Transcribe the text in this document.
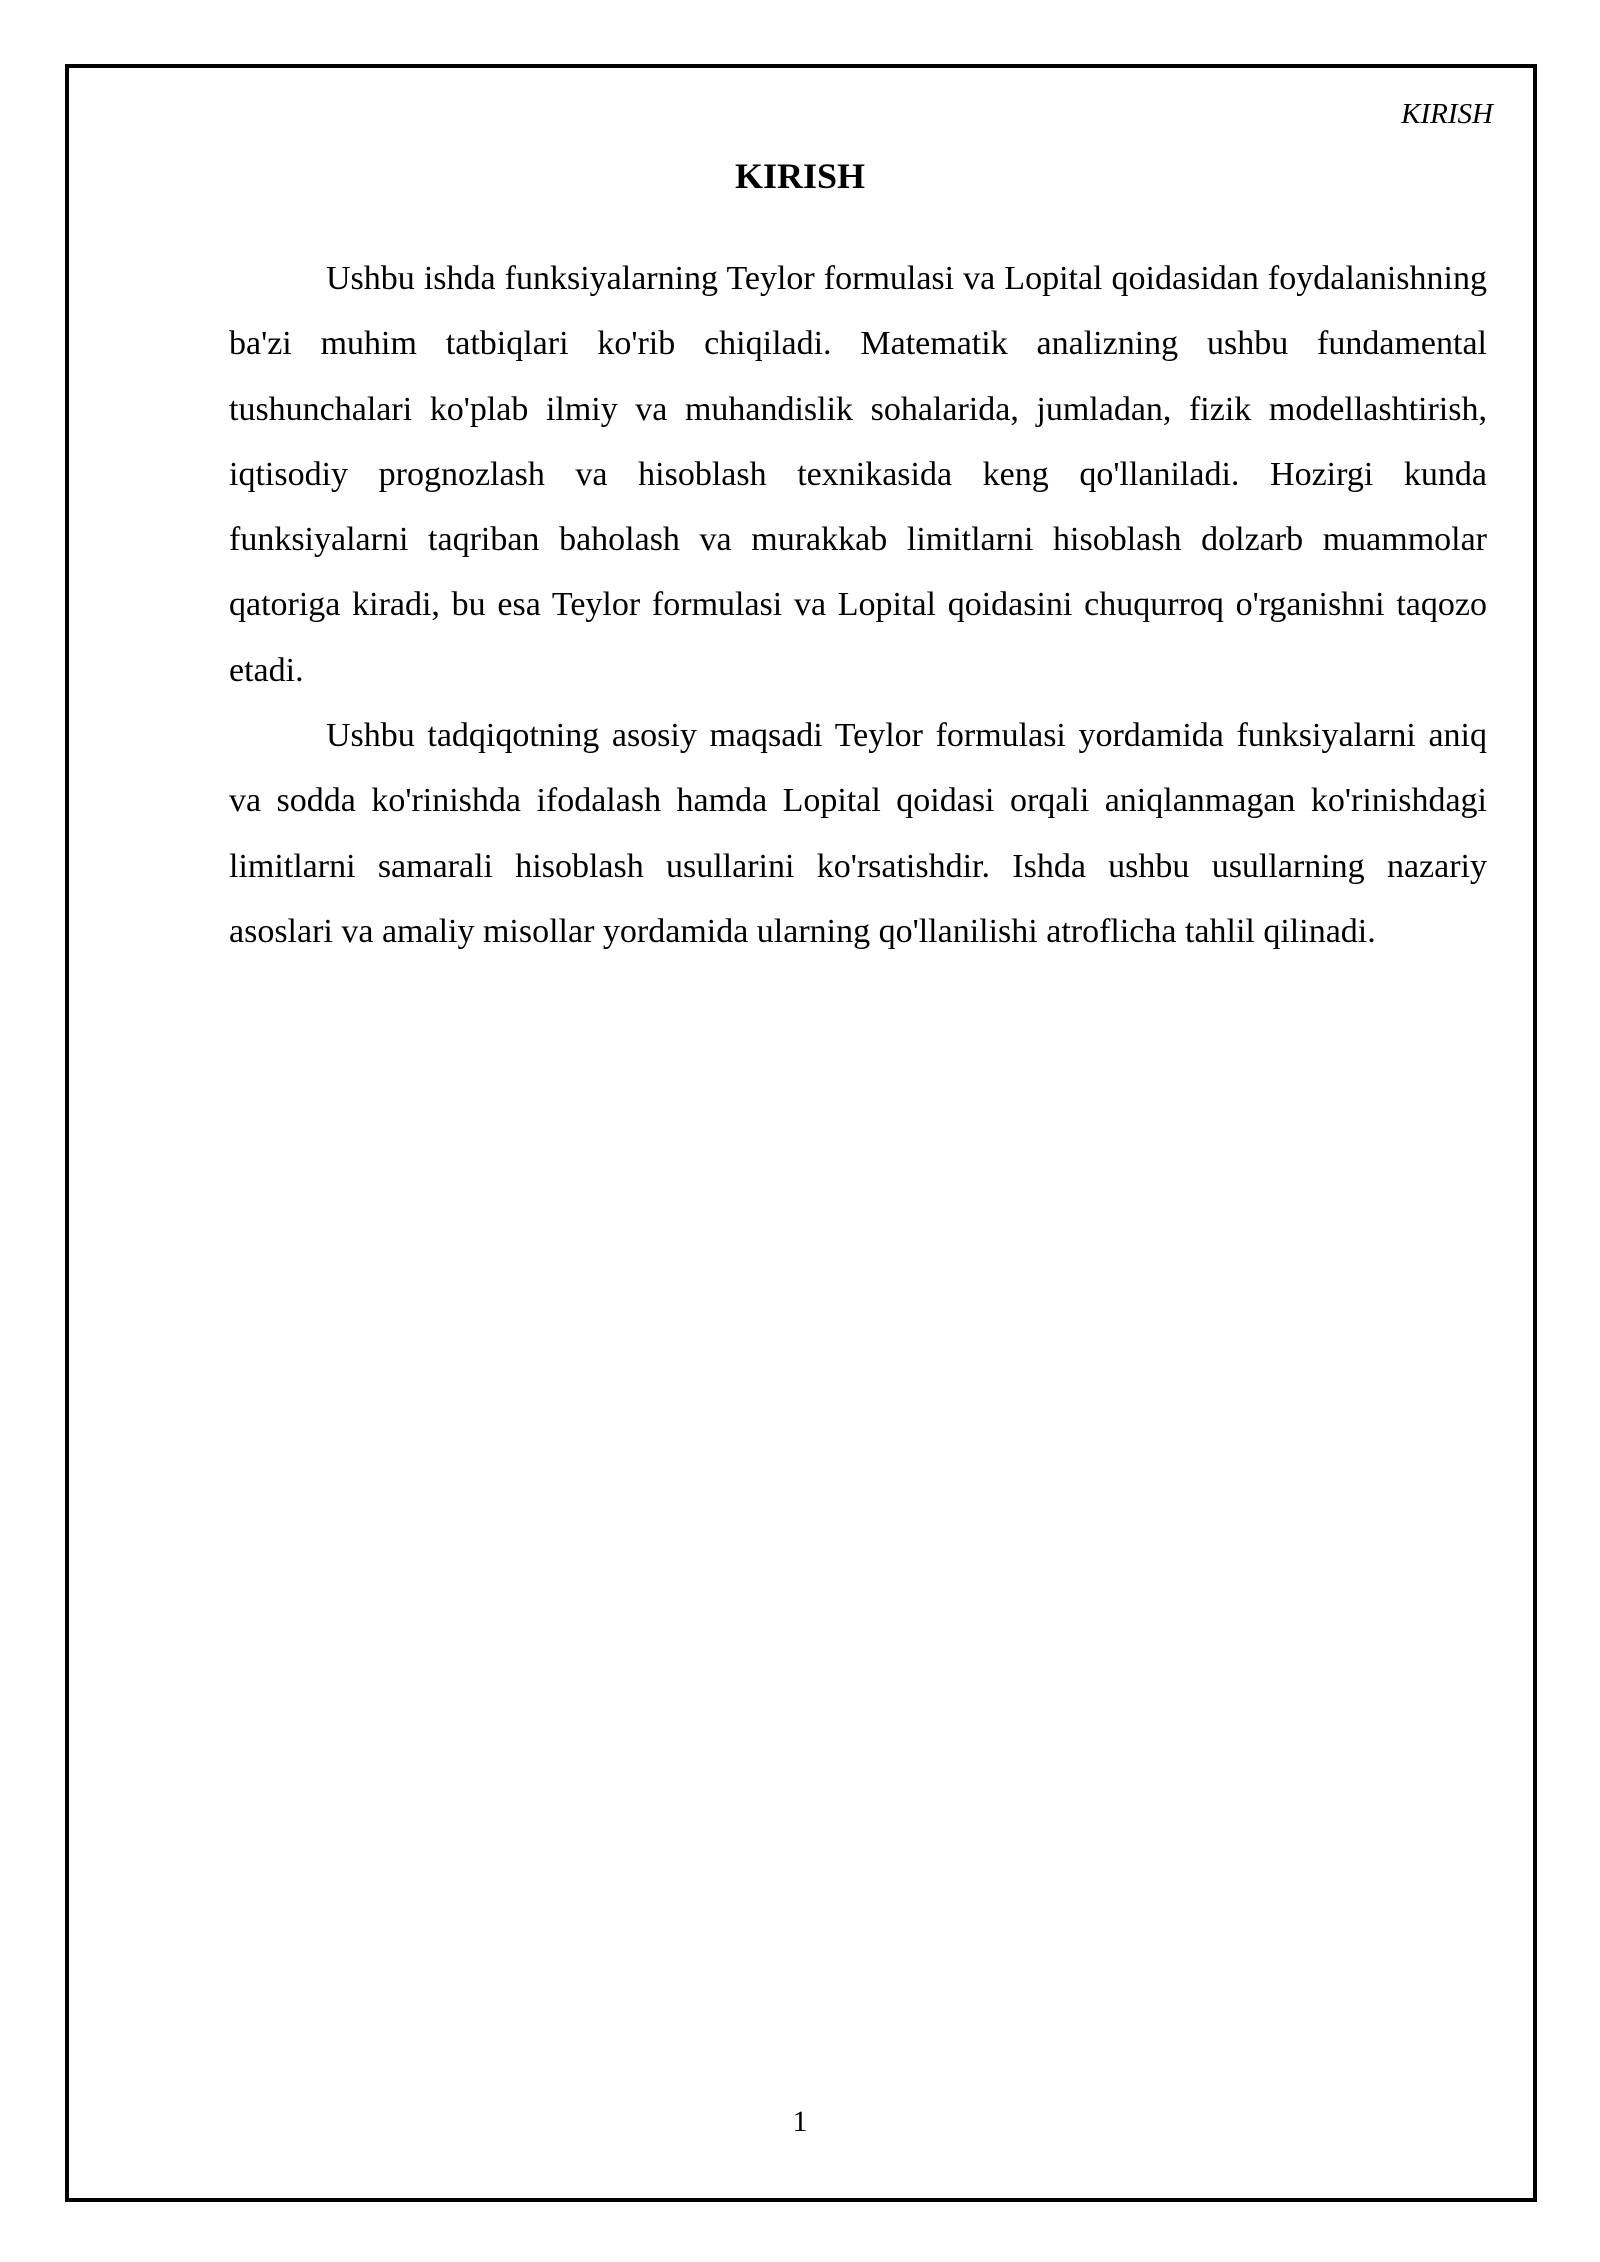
KIRISH
KIRISH

Ushbu ishda funksiyalarning Teylor formulasi va Lopital qoidasidan foydalanishning ba'zi muhim tatbiqlari ko'rib chiqiladi. Matematik analizning ushbu fundamental tushunchalari ko'plab ilmiy va muhandislik sohalarida, jumladan, fizik modellashtirish, iqtisodiy prognozlash va hisoblash texnikasida keng qo'llaniladi. Hozirgi kunda funksiyalarni taqriban baholash va murakkab limitlarni hisoblash dolzarb muammolar qatoriga kiradi, bu esa Teylor formulasi va Lopital qoidasini chuqurroq o'rganishni taqozo etadi.

Ushbu tadqiqotning asosiy maqsadi Teylor formulasi yordamida funksiyalarni aniq va sodda ko'rinishda ifodalash hamda Lopital qoidasi orqali aniqlanmagan ko'rinishdagi limitlarni samarali hisoblash usullarini ko'rsatishdir. Ishda ushbu usullarning nazariy asoslari va amaliy misollar yordamida ularning qo'llanilishi atroflicha tahlil qilinadi.

1
